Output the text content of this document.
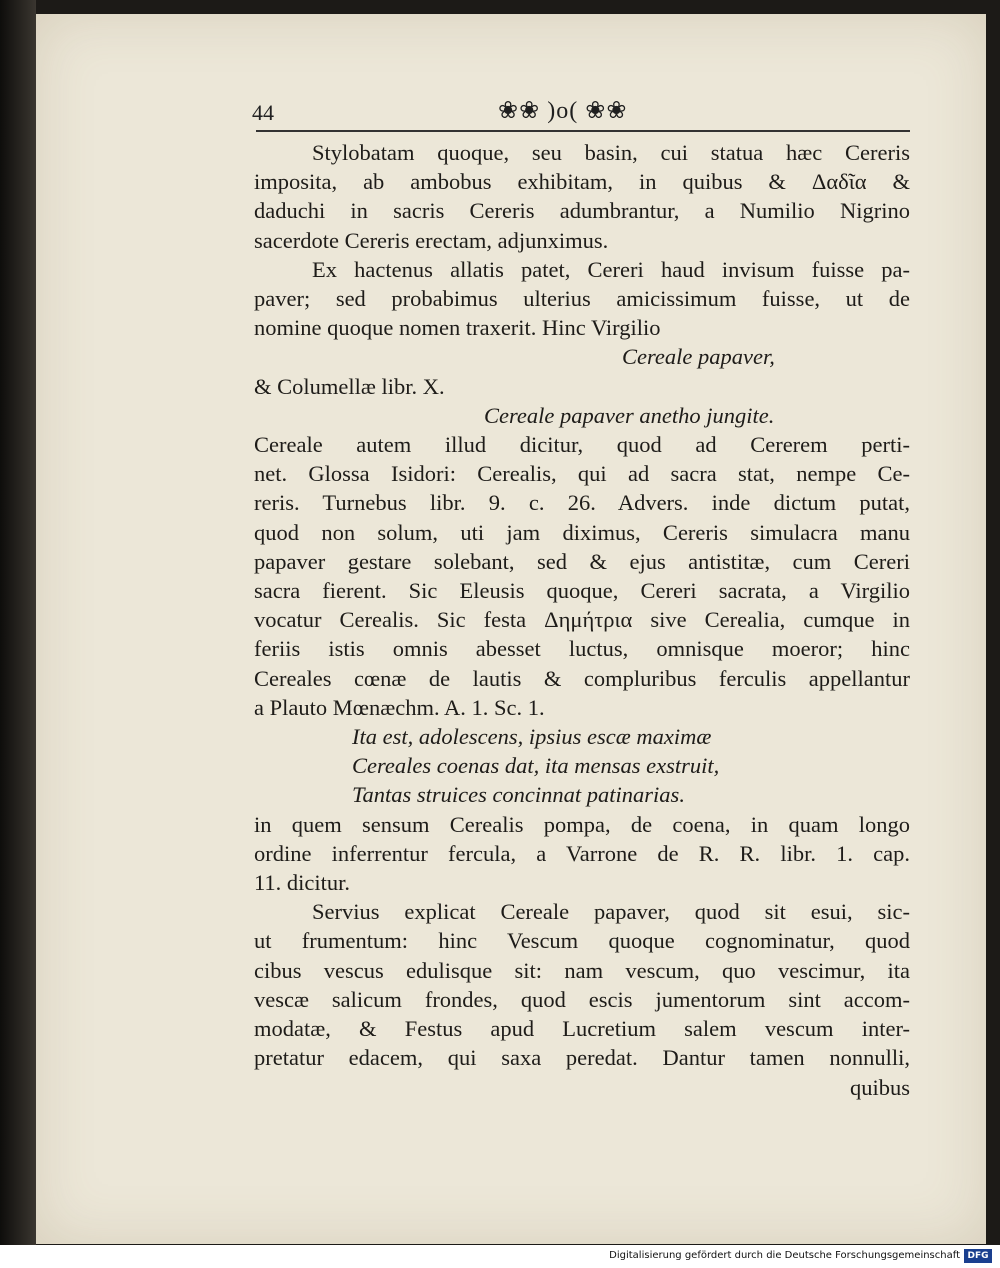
44	❀❀ )o( ❀❀
Stylobatam quoque, seu basin, cui statua hæc Cereris
imposita, ab ambobus exhibitam, in quibus & Δαδῖα &
daduchi in sacris Cereris adumbrantur, a Numilio Nigrino
sacerdote Cereris erectam, adjunximus.
Ex hactenus allatis patet, Cereri haud invisum fuisse pa-
paver; sed probabimus ulterius amicissimum fuisse, ut de
nomine quoque nomen traxerit. Hinc Virgilio
Cereale papaver,
& Columellæ libr. X.
Cereale papaver anetho jungite.
Cereale autem illud dicitur, quod ad Cererem perti-
net. Glossa Isidori: Cerealis, qui ad sacra stat, nempe Ce-
reris. Turnebus libr. 9. c. 26. Advers. inde dictum putat,
quod non solum, uti jam diximus, Cereris simulacra manu
papaver gestare solebant, sed & ejus antistitæ, cum Cereri
sacra fierent. Sic Eleusis quoque, Cereri sacrata, a Virgilio
vocatur Cerealis. Sic festa Δημήτρια sive Cerealia, cumque in
feriis istis omnis abesset luctus, omnisque moeror; hinc
Cereales cœnæ de lautis & compluribus ferculis appellantur
a Plauto Mœnæchm. A. 1. Sc. 1.
Ita est, adolescens, ipsius escæ maximæ
Cereales coenas dat, ita mensas exstruit,
Tantas struices concinnat patinarias.
in quem sensum Cerealis pompa, de coena, in quam longo
ordine inferrentur fercula, a Varrone de R. R. libr. 1. cap.
11. dicitur.
Servius explicat Cereale papaver, quod sit esui, sic-
ut frumentum: hinc Vescum quoque cognominatur, quod
cibus vescus edulisque sit: nam vescum, quo vescimur, ita
vescæ salicum frondes, quod escis jumentorum sint accom-
modatæ, & Festus apud Lucretium salem vescum inter-
pretatur edacem, qui saxa peredat. Dantur tamen nonnulli,
quibus
Digitalisierung gefördert durch die Deutsche Forschungsgemeinschaft DFG
